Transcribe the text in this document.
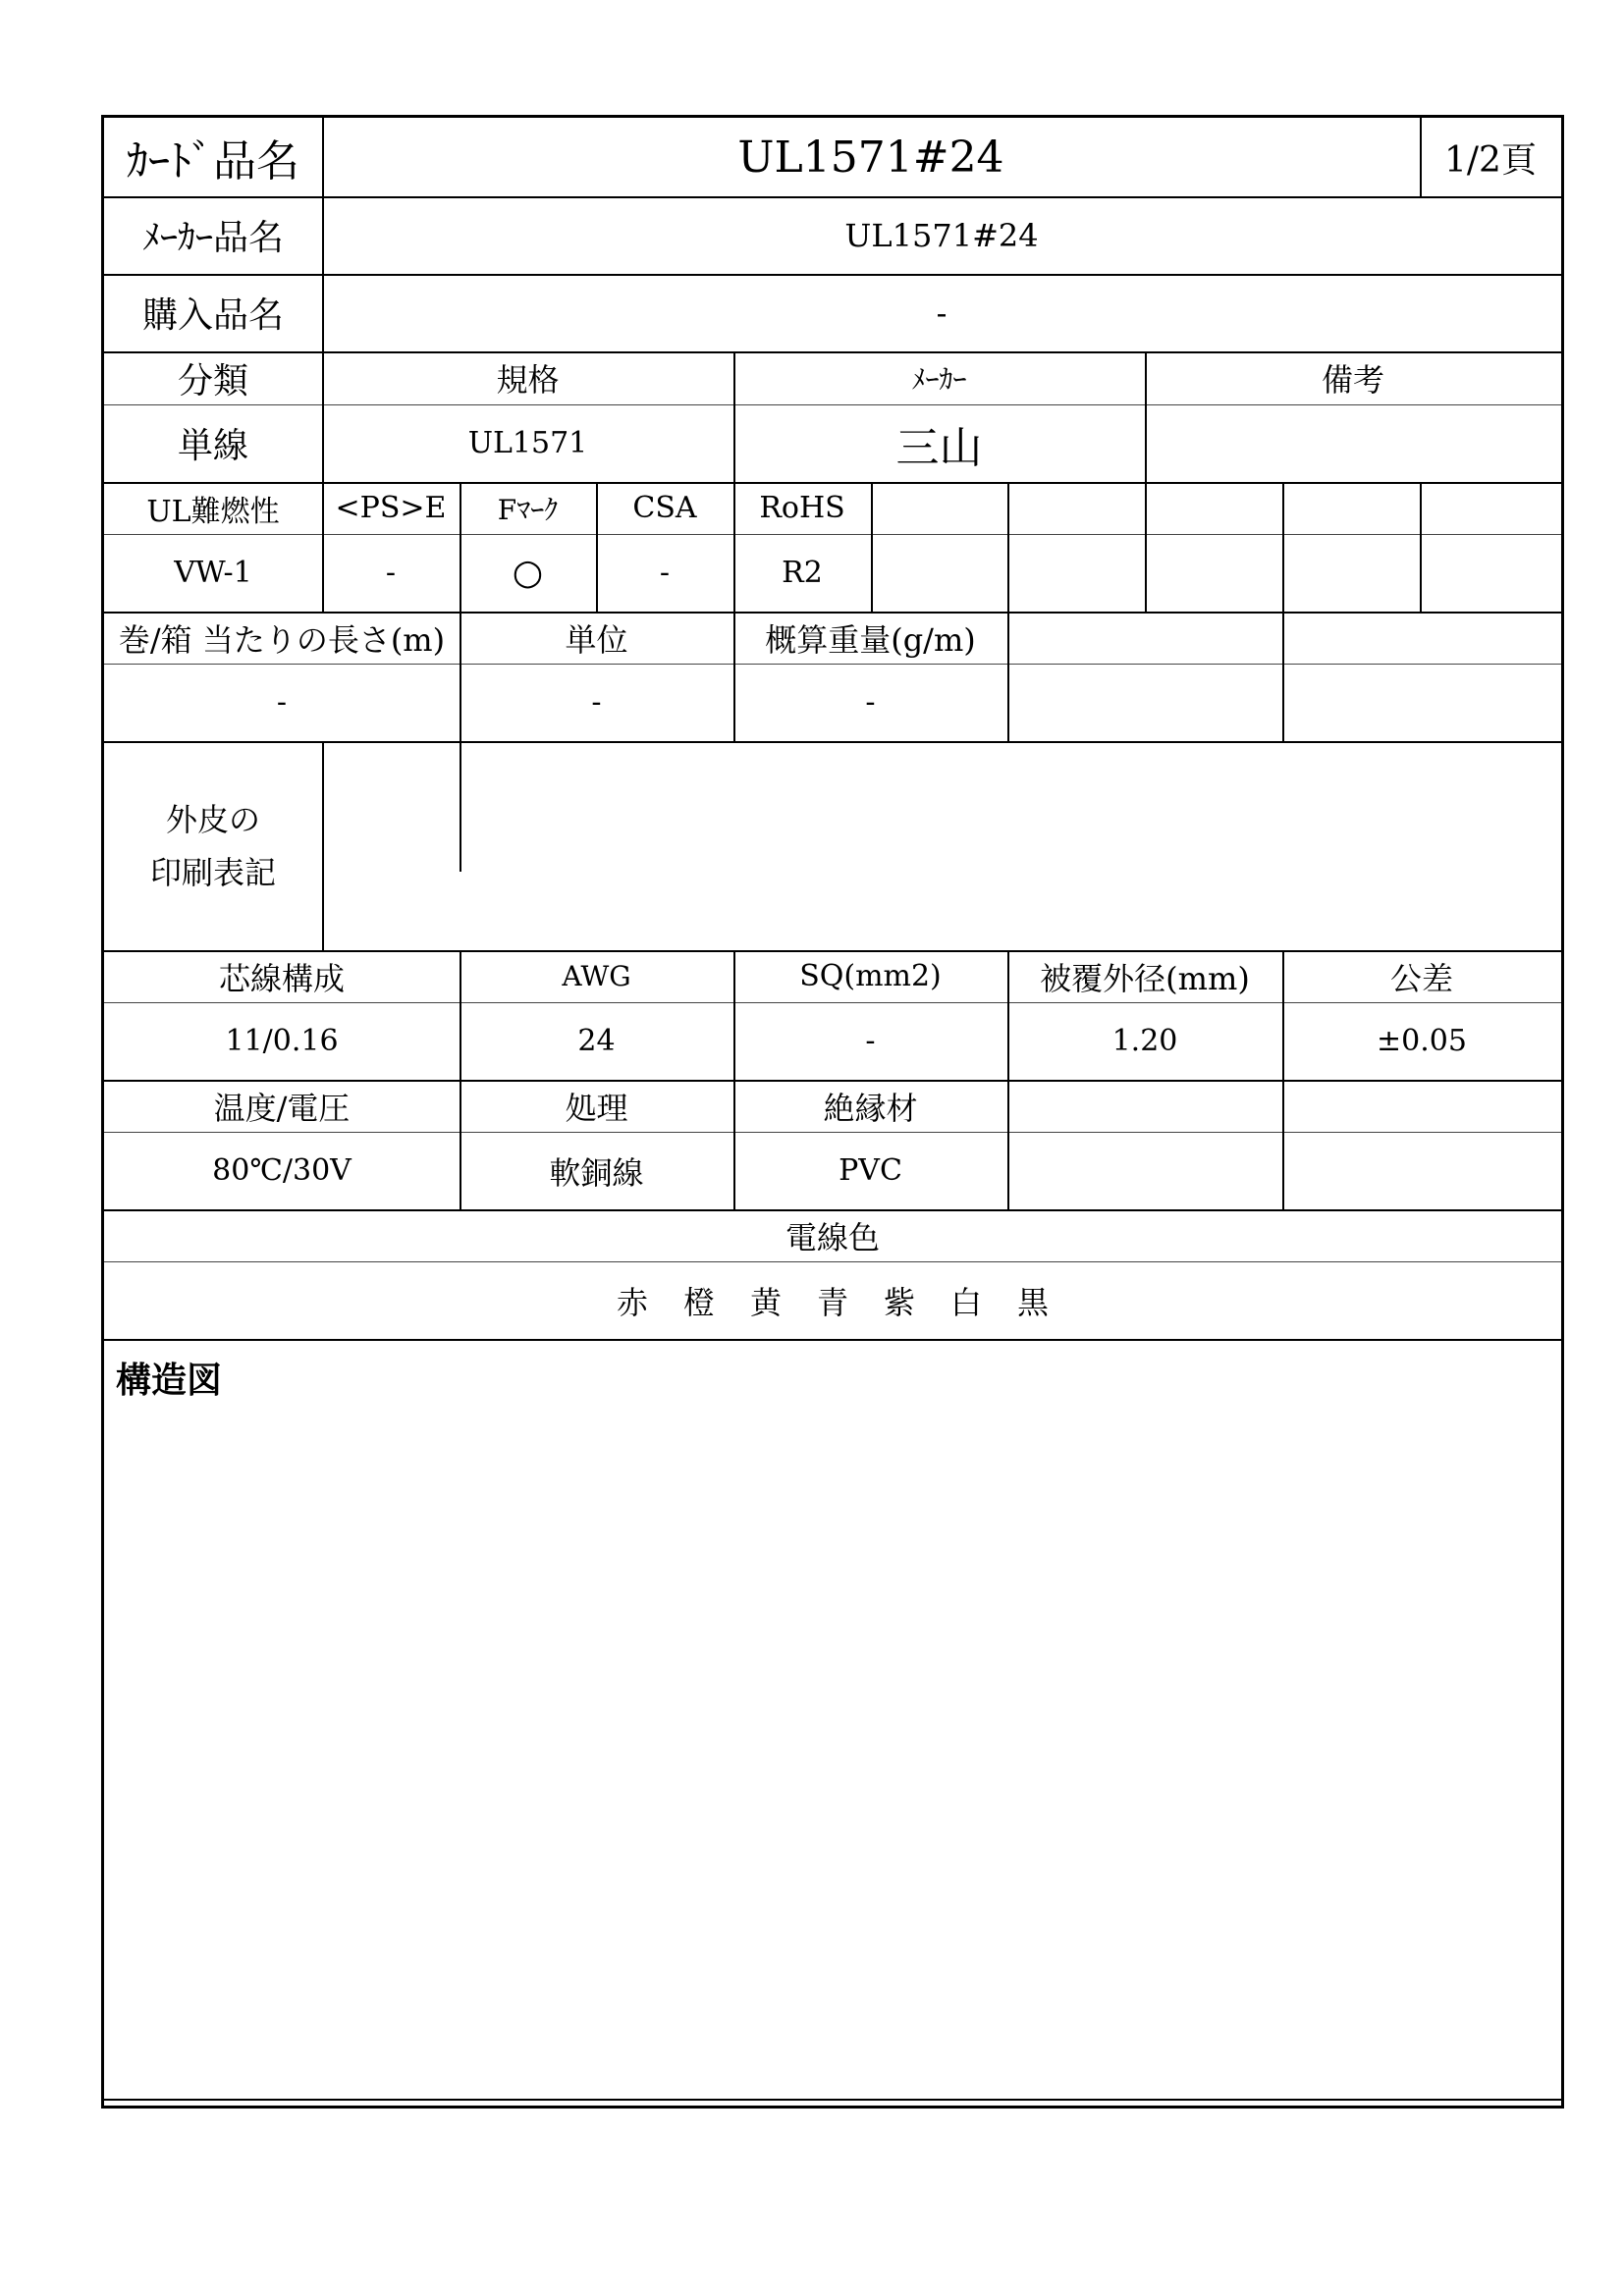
ｶｰﾄﾞ品名	UL1571#24	1/2頁
ﾒｰｶｰ品名	UL1571#24
購入品名	-
分類	規格	ﾒｰｶｰ	備考
単線	UL1571	三山
UL難燃性	<PS>E	Fﾏｰｸ	CSA	RoHS
VW-1	-	○	-	R2
巻/箱 当たりの長さ(m)	単位	概算重量(g/m)
-	-	-
外皮の
印刷表記
芯線構成	AWG	SQ(mm2)	被覆外径(mm)	公差
11/0.16	24	-	1.20	±0.05
温度/電圧	処理	絶縁材
80℃/30V	軟銅線	PVC
電線色
赤 橙 黄 青 紫 白 黒
構造図
